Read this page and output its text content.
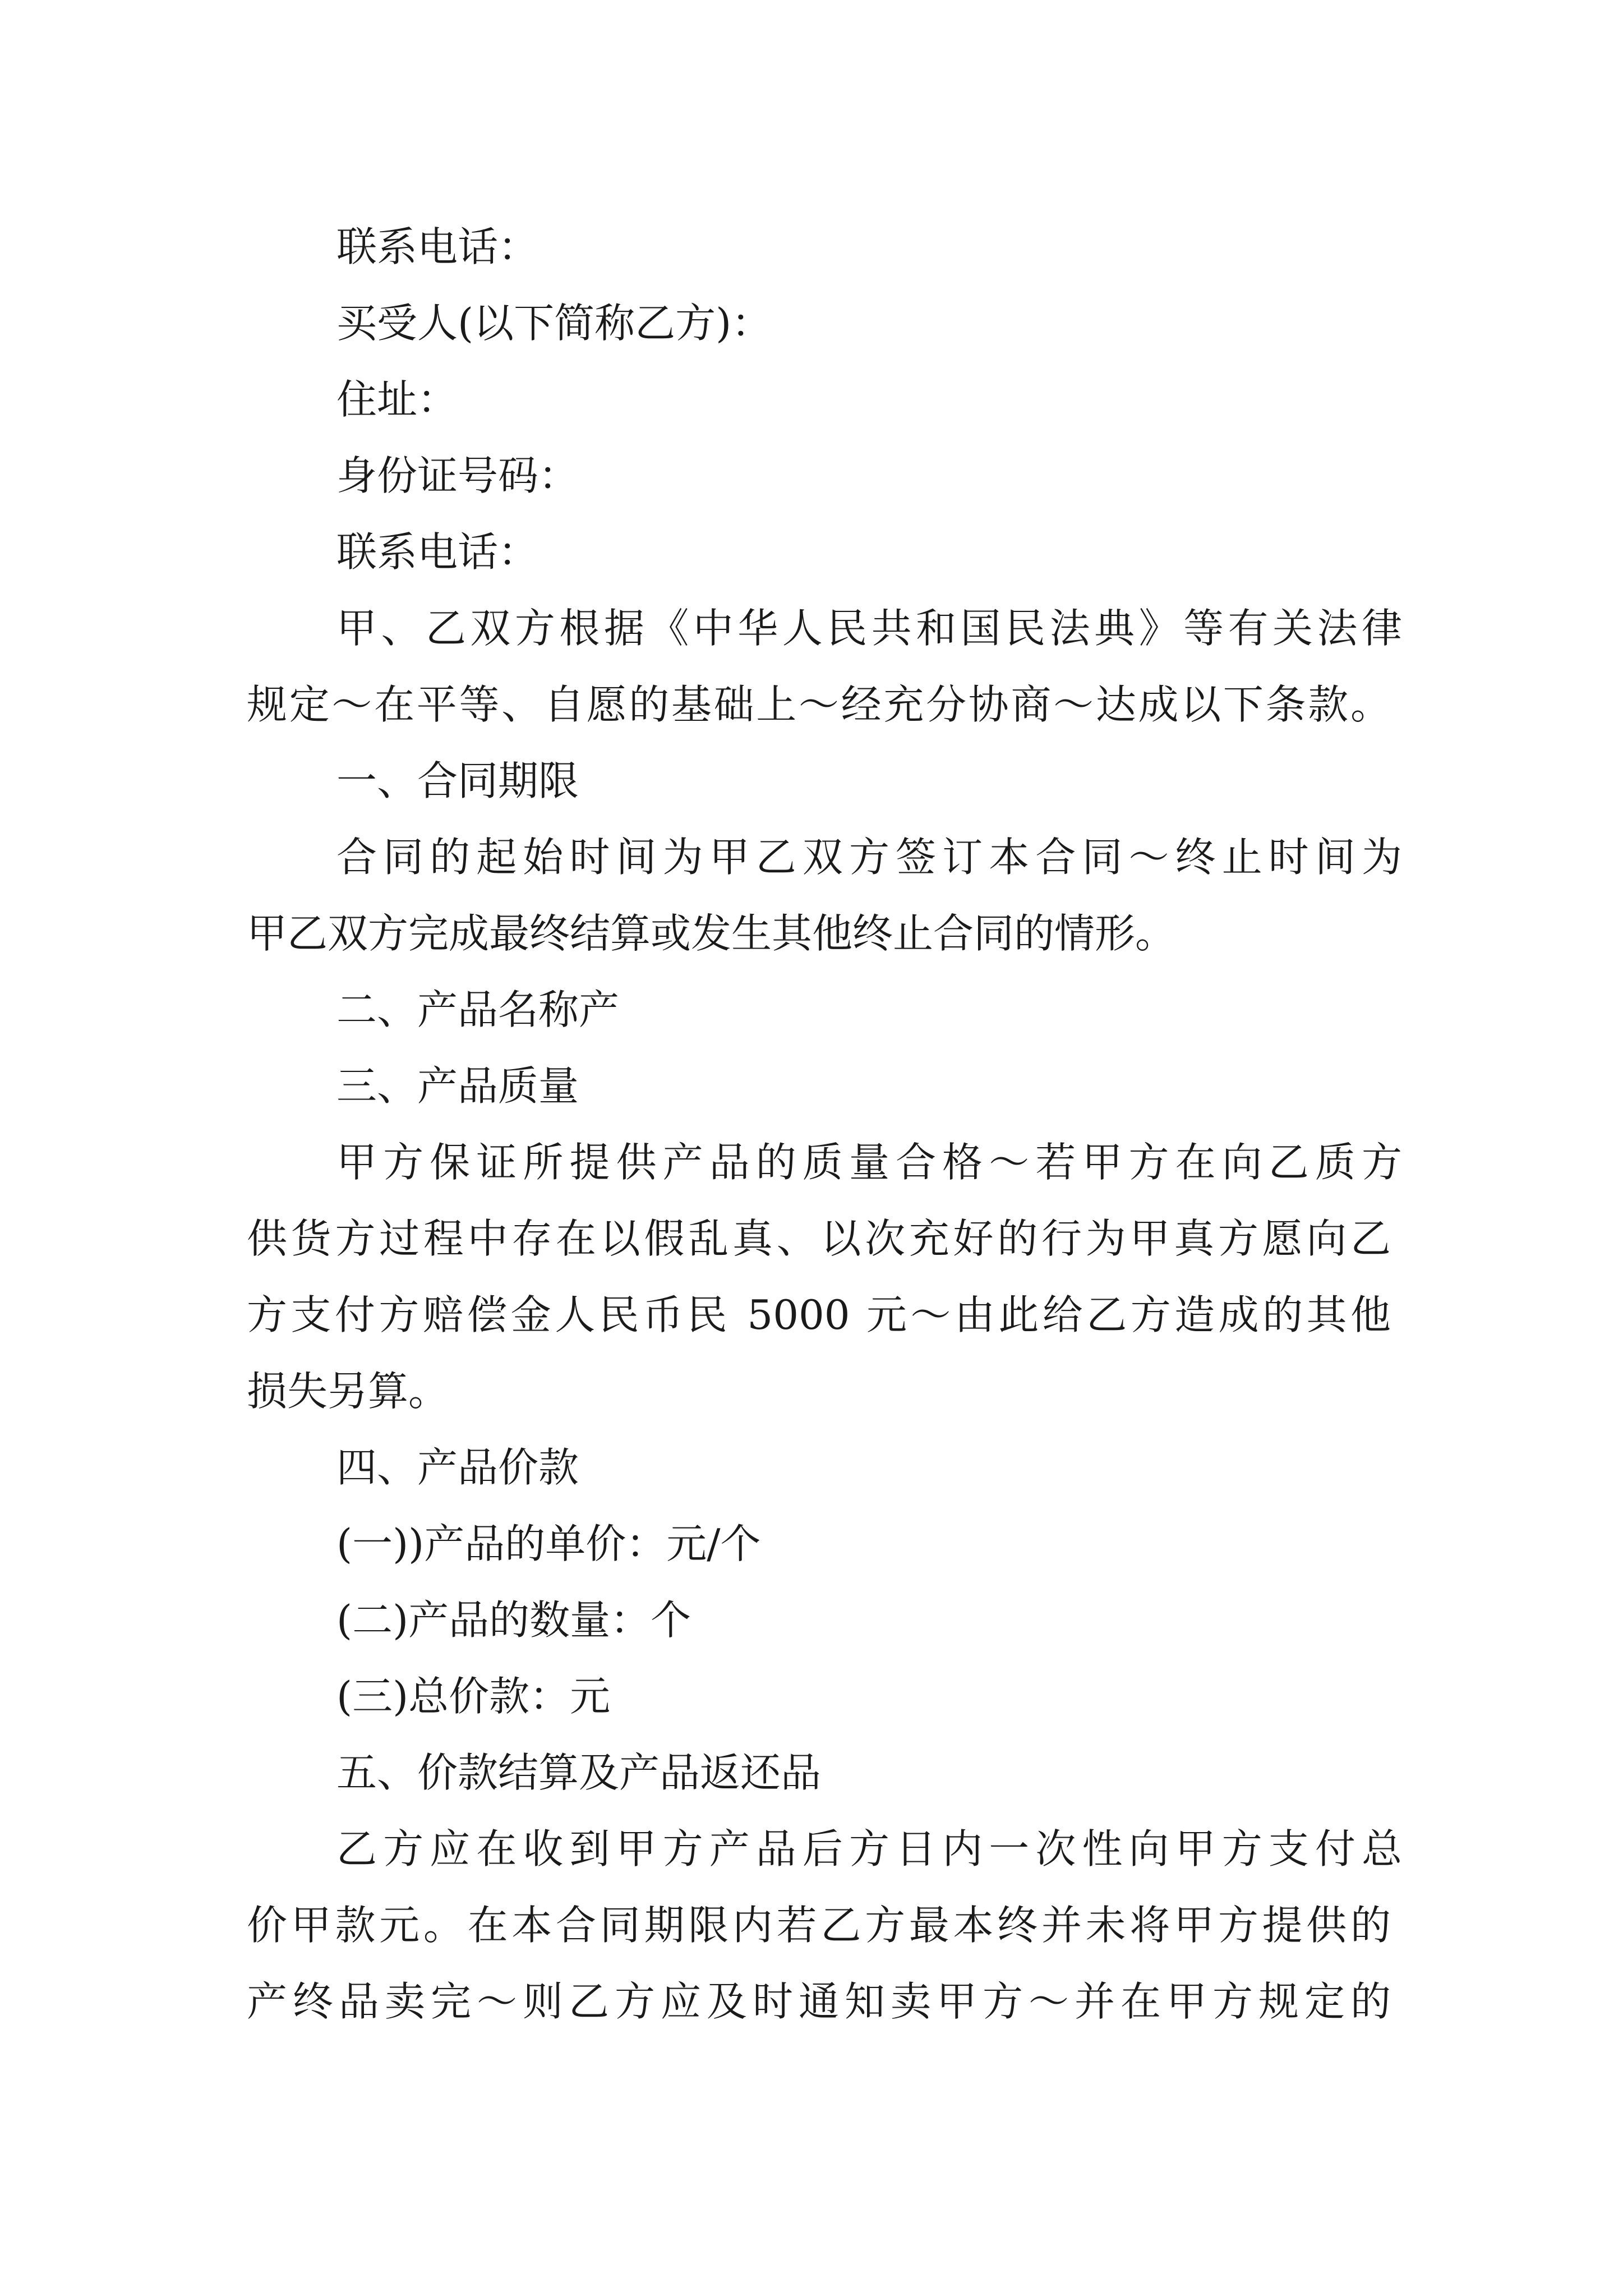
联系电话：
买受人(以下简称乙方)：
住址：
身份证号码：
联系电话：
甲、乙双方根据《中华人民共和国民法典》等有关法律
规定～在平等、自愿的基础上～经充分协商～达成以下条款。
一、合同期限
合同的起始时间为甲乙双方签订本合同～终止时间为
甲乙双方完成最终结算或发生其他终止合同的情形。
二、产品名称产
三、产品质量
甲方保证所提供产品的质量合格～若甲方在向乙质方
供货方过程中存在以假乱真、以次充好的行为甲真方愿向乙
方支付方赔偿金人民币民 5000 元～由此给乙方造成的其他
损失另算。
四、产品价款
(一))产品的单价：元/个
(二)产品的数量：个
(三)总价款：元
五、价款结算及产品返还品
乙方应在收到甲方产品后方日内一次性向甲方支付总
价甲款元。在本合同期限内若乙方最本终并未将甲方提供的
产终品卖完～则乙方应及时通知卖甲方～并在甲方规定的
